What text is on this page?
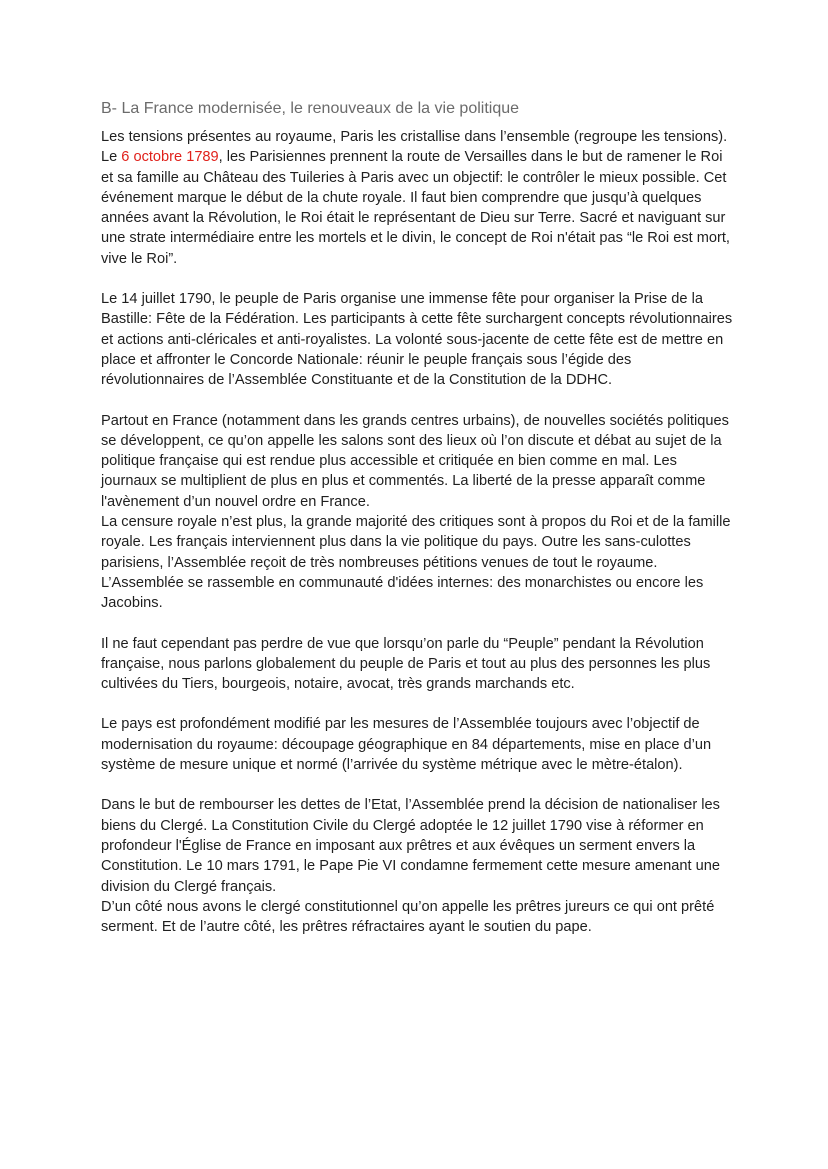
B- La France modernisée, le renouveaux de la vie politique

Les tensions présentes au royaume, Paris les cristallise dans l’ensemble (regroupe les tensions). Le 6 octobre 1789, les Parisiennes prennent la route de Versailles dans le but de ramener le Roi et sa famille au Château des Tuileries à Paris avec un objectif: le contrôler le mieux possible. Cet événement marque le début de la chute royale. Il faut bien comprendre que jusqu’à quelques années avant la Révolution, le Roi était le représentant de Dieu sur Terre. Sacré et naviguant sur une strate intermédiaire entre les mortels et le divin, le concept de Roi n'était pas “le Roi est mort, vive le Roi”.

Le 14 juillet 1790, le peuple de Paris organise une immense fête pour organiser la Prise de la Bastille: Fête de la Fédération. Les participants à cette fête surchargent concepts révolutionnaires et actions anti-cléricales et anti-royalistes. La volonté sous-jacente de cette fête est de mettre en place et affronter le Concorde Nationale: réunir le peuple français sous l’égide des révolutionnaires de l’Assemblée Constituante et de la Constitution de la DDHC.

Partout en France (notamment dans les grands centres urbains), de nouvelles sociétés politiques se développent, ce qu’on appelle les salons sont des lieux où l’on discute et débat au sujet de la politique française qui est rendue plus accessible et critiquée en bien comme en mal. Les journaux se multiplient de plus en plus et commentés. La liberté de la presse apparaît comme l'avènement d’un nouvel ordre en France.

La censure royale n’est plus, la grande majorité des critiques sont à propos du Roi et de la famille royale. Les français interviennent plus dans la vie politique du pays. Outre les sans-culottes parisiens, l’Assemblée reçoit de très nombreuses pétitions venues de tout le royaume. L’Assemblée se rassemble en communauté d'idées internes: des monarchistes ou encore les Jacobins.

Il ne faut cependant pas perdre de vue que lorsqu’on parle du “Peuple” pendant la Révolution française, nous parlons globalement du peuple de Paris et tout au plus des personnes les plus cultivées du Tiers, bourgeois, notaire, avocat, très grands marchands etc.

Le pays est profondément modifié par les mesures de l’Assemblée toujours avec l’objectif de modernisation du royaume: découpage géographique en 84 départements, mise en place d’un système de mesure unique et normé (l’arrivée du système métrique avec le mètre-étalon).

Dans le but de rembourser les dettes de l’Etat, l’Assemblée prend la décision de nationaliser les biens du Clergé. La Constitution Civile du Clergé adoptée le 12 juillet 1790 vise à réformer en profondeur l'Église de France en imposant aux prêtres et aux évêques un serment envers la Constitution. Le 10 mars 1791, le Pape Pie VI condamne fermement cette mesure amenant une division du Clergé français.

D’un côté nous avons le clergé constitutionnel qu’on appelle les prêtres jureurs ce qui ont prêté serment. Et de l’autre côté, les prêtres réfractaires ayant le soutien du pape.
